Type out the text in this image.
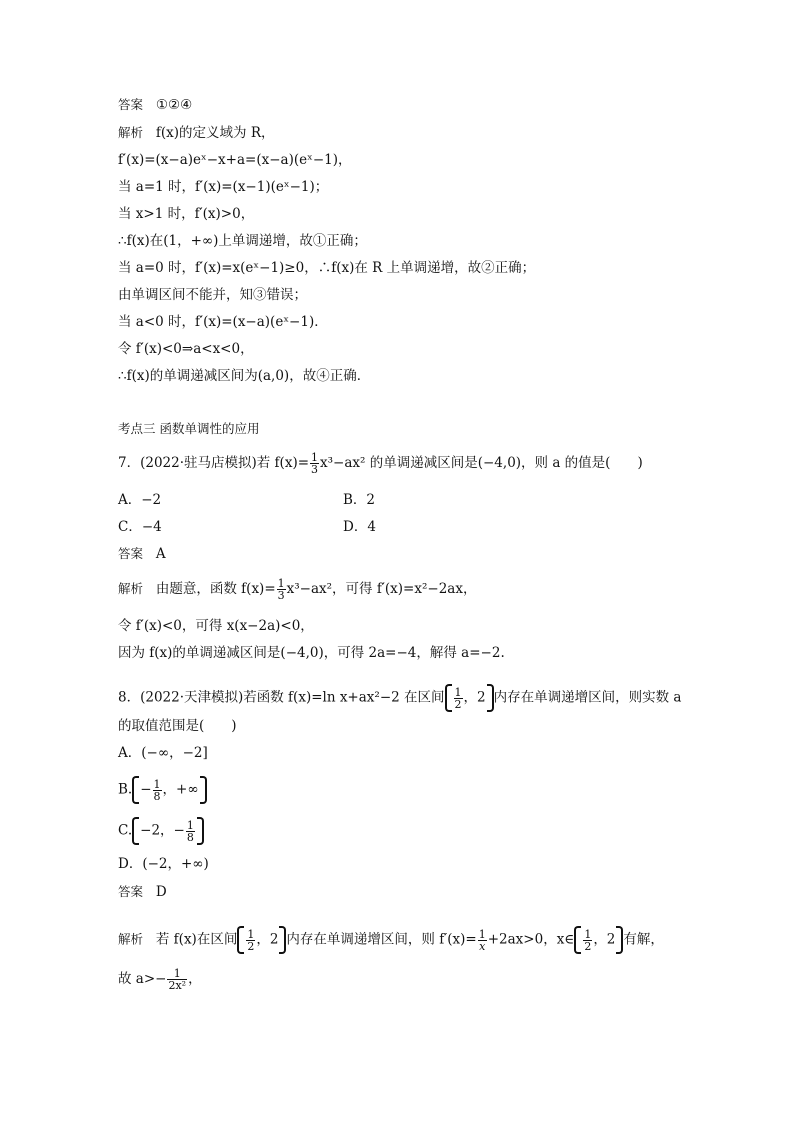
答案 ①②④
解析 f(x)的定义域为 R，
f′(x)=(x−a)eˣ−x+a=(x−a)(eˣ−1)，
当 a=1 时，f′(x)=(x−1)(eˣ−1)；
当 x>1 时，f′(x)>0，
∴f(x)在(1，+∞)上单调递增，故①正确；
当 a=0 时，f′(x)=x(eˣ−1)≥0，∴f(x)在 R 上单调递增，故②正确；
由单调区间不能并，知③错误；
当 a<0 时，f′(x)=(x−a)(eˣ−1)．
令 f′(x)<0⇒a<x<0，
∴f(x)的单调递减区间为(a,0)，故④正确．
考点三 函数单调性的应用
7．(2022·驻马店模拟)若 $f(x)= \frac{1}{3} x^3-ax^2$ 的单调递减区间是(−4,0)，则 a 的值是(　　)
A．−2	B．2
C．−4	D．4
答案 A
解析 由题意，函数 $f(x)= \frac{1}{3} x^3-ax^2$，可得 f′(x)=x²−2ax，
令 f′(x)<0，可得 x(x−2a)<0，
因为 f(x)的单调递减区间是(−4,0)，可得 2a=−4，解得 a=−2.
8．(2022·天津模拟)若函数 f(x)=ln x+ax²−2 在区间 $\frac{1}{2}$ ，2 内存在单调递增区间，则实数 a
的取值范围是(　　)
A．(−∞，−2]
B. − $\frac{1}{8}$ ，+∞
C. −2，− $\frac{1}{8}$
D．(−2，+∞)
答案 D
解析 若 f(x)在区间 $\frac{1}{2}$ ，2 内存在单调递增区间，则 $f'(x)= \frac{1}{x} +2ax>0$，x∈ $\frac{1}{2}$ ，2 有解，
故 $a>- \frac{1}{\text{2x²}}$ ，
